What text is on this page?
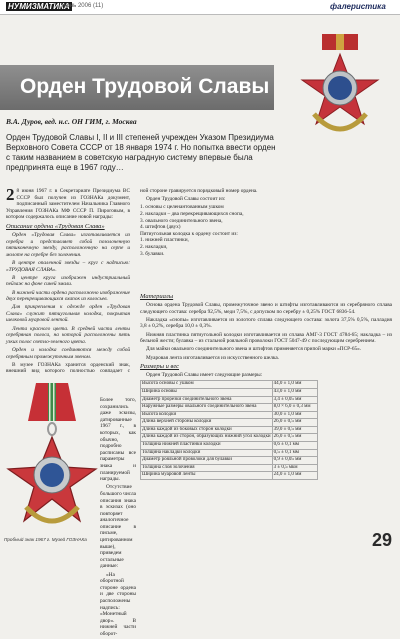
НУМИЗМАТИКА
июнь 2006 (11)	фалеристика
Орден Трудовой Славы
В.А. Дуров, вед. н.с. ОН ГИМ, г. Москва
Орден Трудовой Славы I, II и III степеней учрежден Указом Президиума Верховного Совета СССР от 18 января 1974 г. Но попытка ввести орден с таким названием в советскую наградную систему впервые была предпринята еще в 1967 году…

2 8 июня 1967 г. в Секретариате Президиума ВС СССР был получен из ГОЗНАКа документ, подписанный заместителем Начальника Главного Управления ГОЗНАКа МФ СССР П. Пироговым, в котором содержалось описание новой награды:

Описание ордена «Трудовая Слава»

Орден «Трудовая Слава» изготавливается из серебра и представляет собой позолоченную пятиконечную звезду, расположенную на серпе и молоте на серебре без золочения.

В центре опаленной звезды – круг с надписью: «ТРУДОВАЯ СЛАВА».

В центре круга изображен индустриальный пейзаж на фоне синей эмали.

В нижней части ордена расположено изображение двух перекрещивающихся охапок из колосьев.

Для прикрепления к одежде орден «Трудовая Слава» служит пятиугольная колодка, покрытая шелковой муаровой лентой.

Лента красного цвета. В средней части ленты серебряная полоса, на которой расположены пять узких полос светло-зеленого цвета.

Орден и колодка соединяются между собой серебряным промежуточным звеном.

В музее ГОЗНАКа хранится орденский знак, внешний вид которого полностью совпадает с

Пробный знак 1967 г. Музей ГОЗНАКа

Более того, сохранились даже эскизы, датированные 1967 г., в которых, как обычно, подробно расписаны все параметры знака и планируемой награды.

Отсутствие большого числа описания знака в эскизах (оно повторяет аналогичное описание в письме, цитированном выше), приведем остальные данные:

«На оборотной стороне ордена и две стороны расположены надпись: «Монетный двор». В нижней части оборот-

ной стороне гравируется порядковый номер ордена.

Орден Трудовой Славы состоит из:

1. основы с целенантованным ушком
2. накладки – два перекрещивающихся снопа,
3. овального соединительного звена,
4. штифтов (двух)
Пятиугольная колодка к ордену состоит из:
1. нижней пластинки,
2. накладки,
3. булавки.
Материалы

Основа ордена Трудовой Славы, промежуточное звено и штифты изготавливаются из серебряного сплава следующего состава: серебра 92,5%, меди 7,5%, с допуском по серебру ± 0,25% ГОСТ 6836-54.

Накладка «снопы» изготавливается из золотого сплава следующего состава: золота 37,5% 0,5%, палладия 3,8 ± 0,2%, серебра 10,0 ± 0,3%.

Нижняя пластинка пятиугольной колодки изготавливается из сплава АМГ-3 ГОСТ 4784-65; накладка – из бельной жести; булавка – из стальной рояльной проволоки ГОСТ 5047-49 с последующим серебрением.

Для майки овального соединительного звена и штифтов применяется припой марки «ПСР-65».

Муаровая лента изготавливается из искусственного шелка.

Размеры и вес

Орден Трудовой Славы имеет следующие размеры:

Высота основы с ушком	44,0 ± 1,0 мм
Ширина основы	43,0 ± 1,0 мм
Диаметр прорезки соединительного звена	3,4 ± 0,05 мм
Наружные размеры овального соединительного звена	8,0 × 6,0 ± 0,3 мм
Высота колодки	30,0 ± 1,0 мм
Длина верхней стороны колодки	26,0 ± 0,5 мм
Длина каждой из боковых сторон колодки	39,0 ± 0,5 мм
Длина каждой из сторон, образующих нижний угол колодки	26,0 ± 0,5 мм
Толщина нижней пластинки колодки	0,6 ± 0,1 мм
Толщина накладки колодки	0,5 ± 0,1 мм
Диаметр рояльной проволоки для булавки	0,9 ± 0,05 мм
Толщина слоя золочения	3 ± 0,5 мкм
Ширина муаровой ленты	24,0 ± 1,0 мм
29
